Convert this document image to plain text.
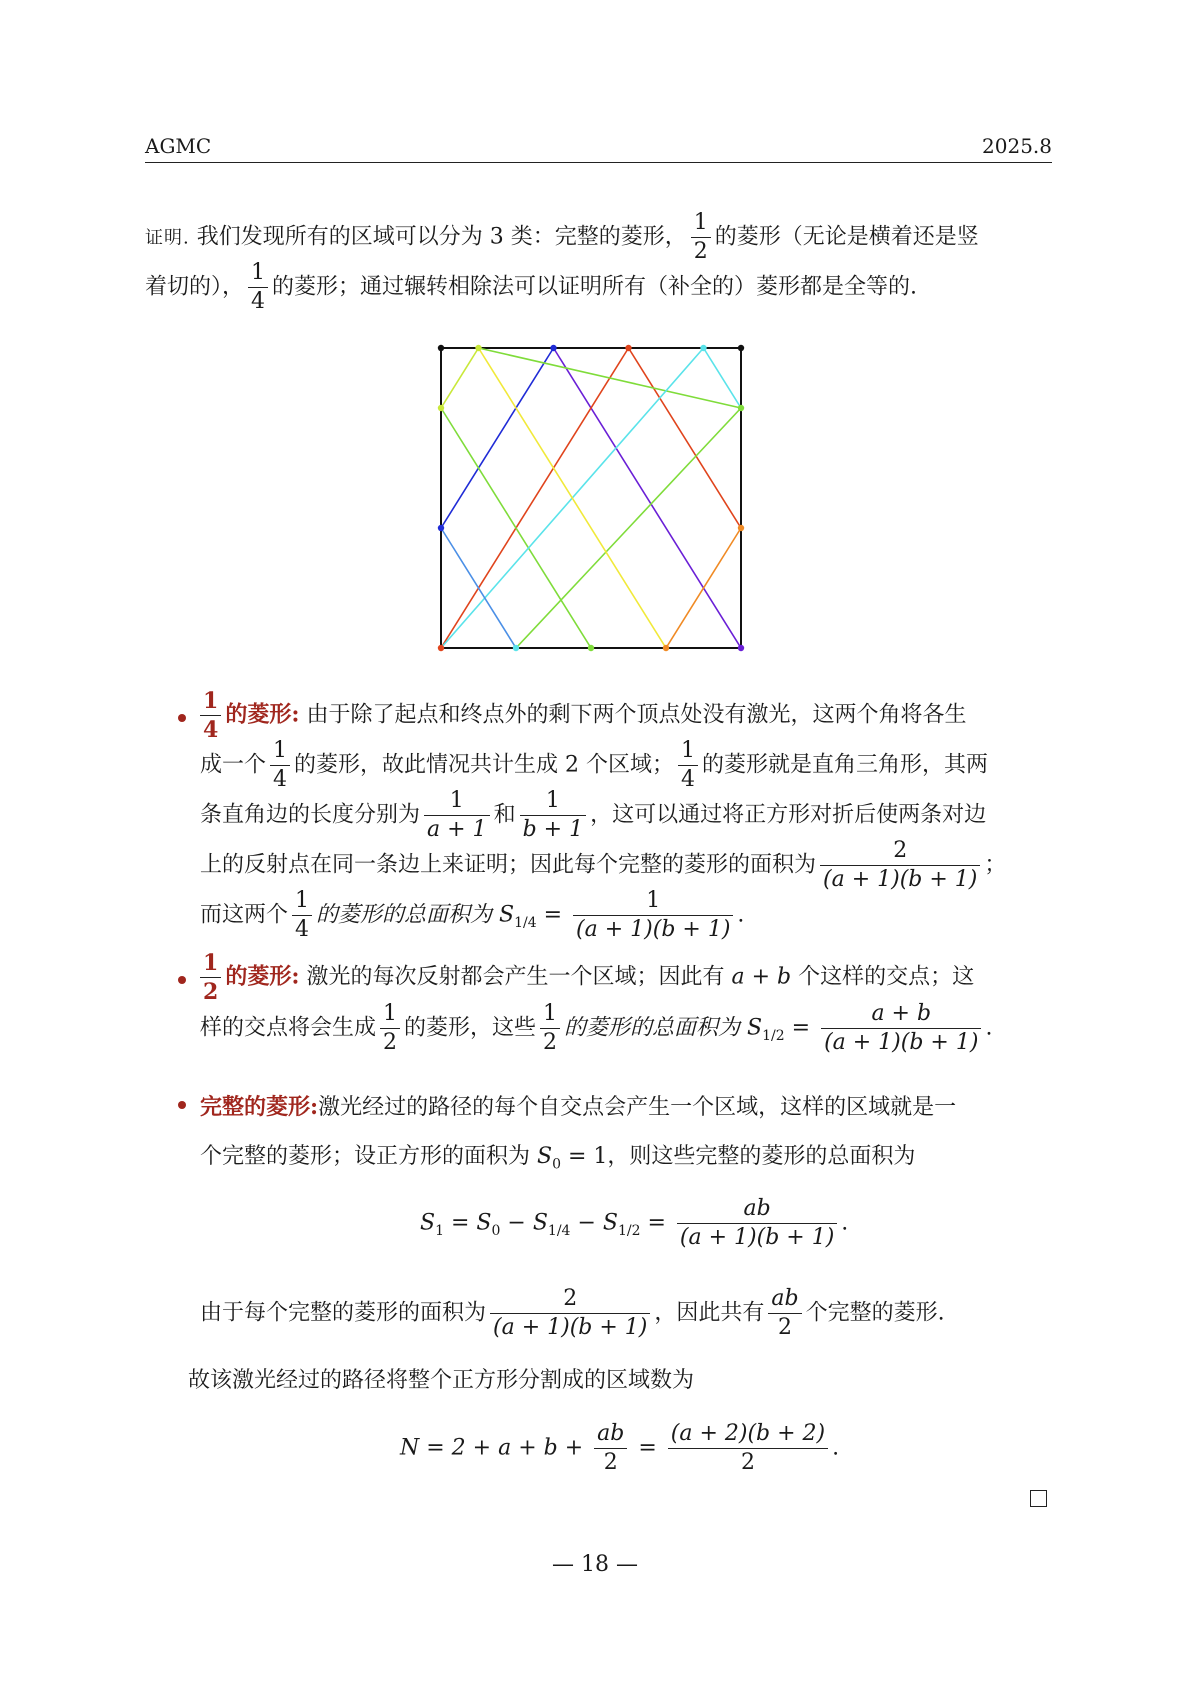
AGMC	2025.8
证明. 我们发现所有的区域可以分为 3 类：完整的菱形， $\frac{1}{2}$ 的菱形（无论是横着还是竖
着切的）， $\frac{1}{4}$ 的菱形；通过辗转相除法可以证明所有（补全的）菱形都是全等的.
$\frac{1}{4}$ 的菱形: 由于除了起点和终点外的剩下两个顶点处没有激光，这两个角将各生
成一个 $\frac{1}{4}$ 的菱形，故此情况共计生成 2 个区域； $\frac{1}{4}$ 的菱形就是直角三角形，其两
条直角边的长度分别为 $\frac{1}{a + 1}$ 和 $\frac{1}{b + 1}$ ，这可以通过将正方形对折后使两条对边
上的反射点在同一条边上来证明；因此每个完整的菱形的面积为 $\frac{2}{(a + 1)(b + 1)}$ ；
而这两个 $\frac{1}{4}$ 的菱形的总面积为 $S_{1/4} = \frac{1}{(a + 1)(b + 1)}$ .
$\frac{1}{2}$ 的菱形: 激光的每次反射都会产生一个区域；因此有 a + b 个这样的交点；这
样的交点将会生成 $\frac{1}{2}$ 的菱形，这些 $\frac{1}{2}$ 的菱形的总面积为 $S_{1/2} = \frac{a + b}{(a + 1)(b + 1)}$ .
完整的菱形:激光经过的路径的每个自交点会产生一个区域，这样的区域就是一
个完整的菱形；设正方形的面积为 $S_0 = 1$，则这些完整的菱形的总面积为
$S_1 = S_0 - S_{1/4} - S_{1/2} = \frac{ab}{(a + 1)(b + 1)}$ .
由于每个完整的菱形的面积为 $\frac{2}{(a + 1)(b + 1)}$ ，因此共有 $\frac{ab}{2}$ 个完整的菱形.
故该激光经过的路径将整个正方形分割成的区域数为
$N = 2 + a + b + \frac{ab}{2} = \frac{(a + 2)(b + 2)}{2}$ .
— 18 —
